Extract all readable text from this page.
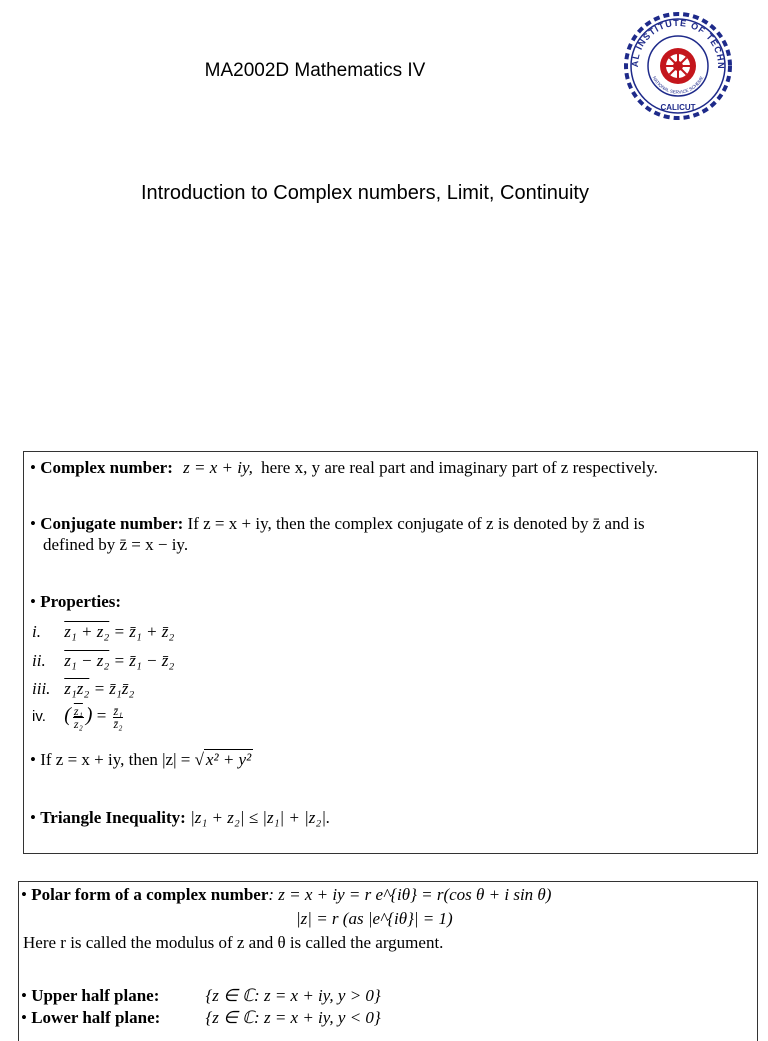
MA2002D Mathematics IV
Introduction to Complex numbers, Limit, Continuity
AL INSTITUTE OF TECHN
CALICUT
NATIONAL SERVICE SCHEME
• Complex number: z = x + iy, here x, y are real part and imaginary part of z respectively.
• Conjugate number: If z = x + iy, then the complex conjugate of z is denoted by z̄ and is
defined by z̄ = x − iy.
• Properties:
i. z₁ + z₂ = z̄₁ + z̄₂
ii. z₁ − z₂ = z̄₁ − z̄₂
iii. z₁z₂ = z̄₁z̄₂
iv. ( $\frac{\text{z₁}}{\text{z₂}}$ ) = $\frac{\text{z̄₁}}{\text{z̄₂}}$
• If z = x + iy, then |z| = √ x² + y²
• Triangle Inequality: |z₁ + z₂| ≤ |z₁| + |z₂|.
• Polar form of a complex number: z = x + iy = r e^{iθ} = r(cos θ + i sin θ)
|z| = r (as |e^{iθ}| = 1)
Here r is called the modulus of z and θ is called the argument.
• Upper half plane:	{z ∈ ℂ: z = x + iy, y > 0}
• Lower half plane:	{z ∈ ℂ: z = x + iy, y < 0}
